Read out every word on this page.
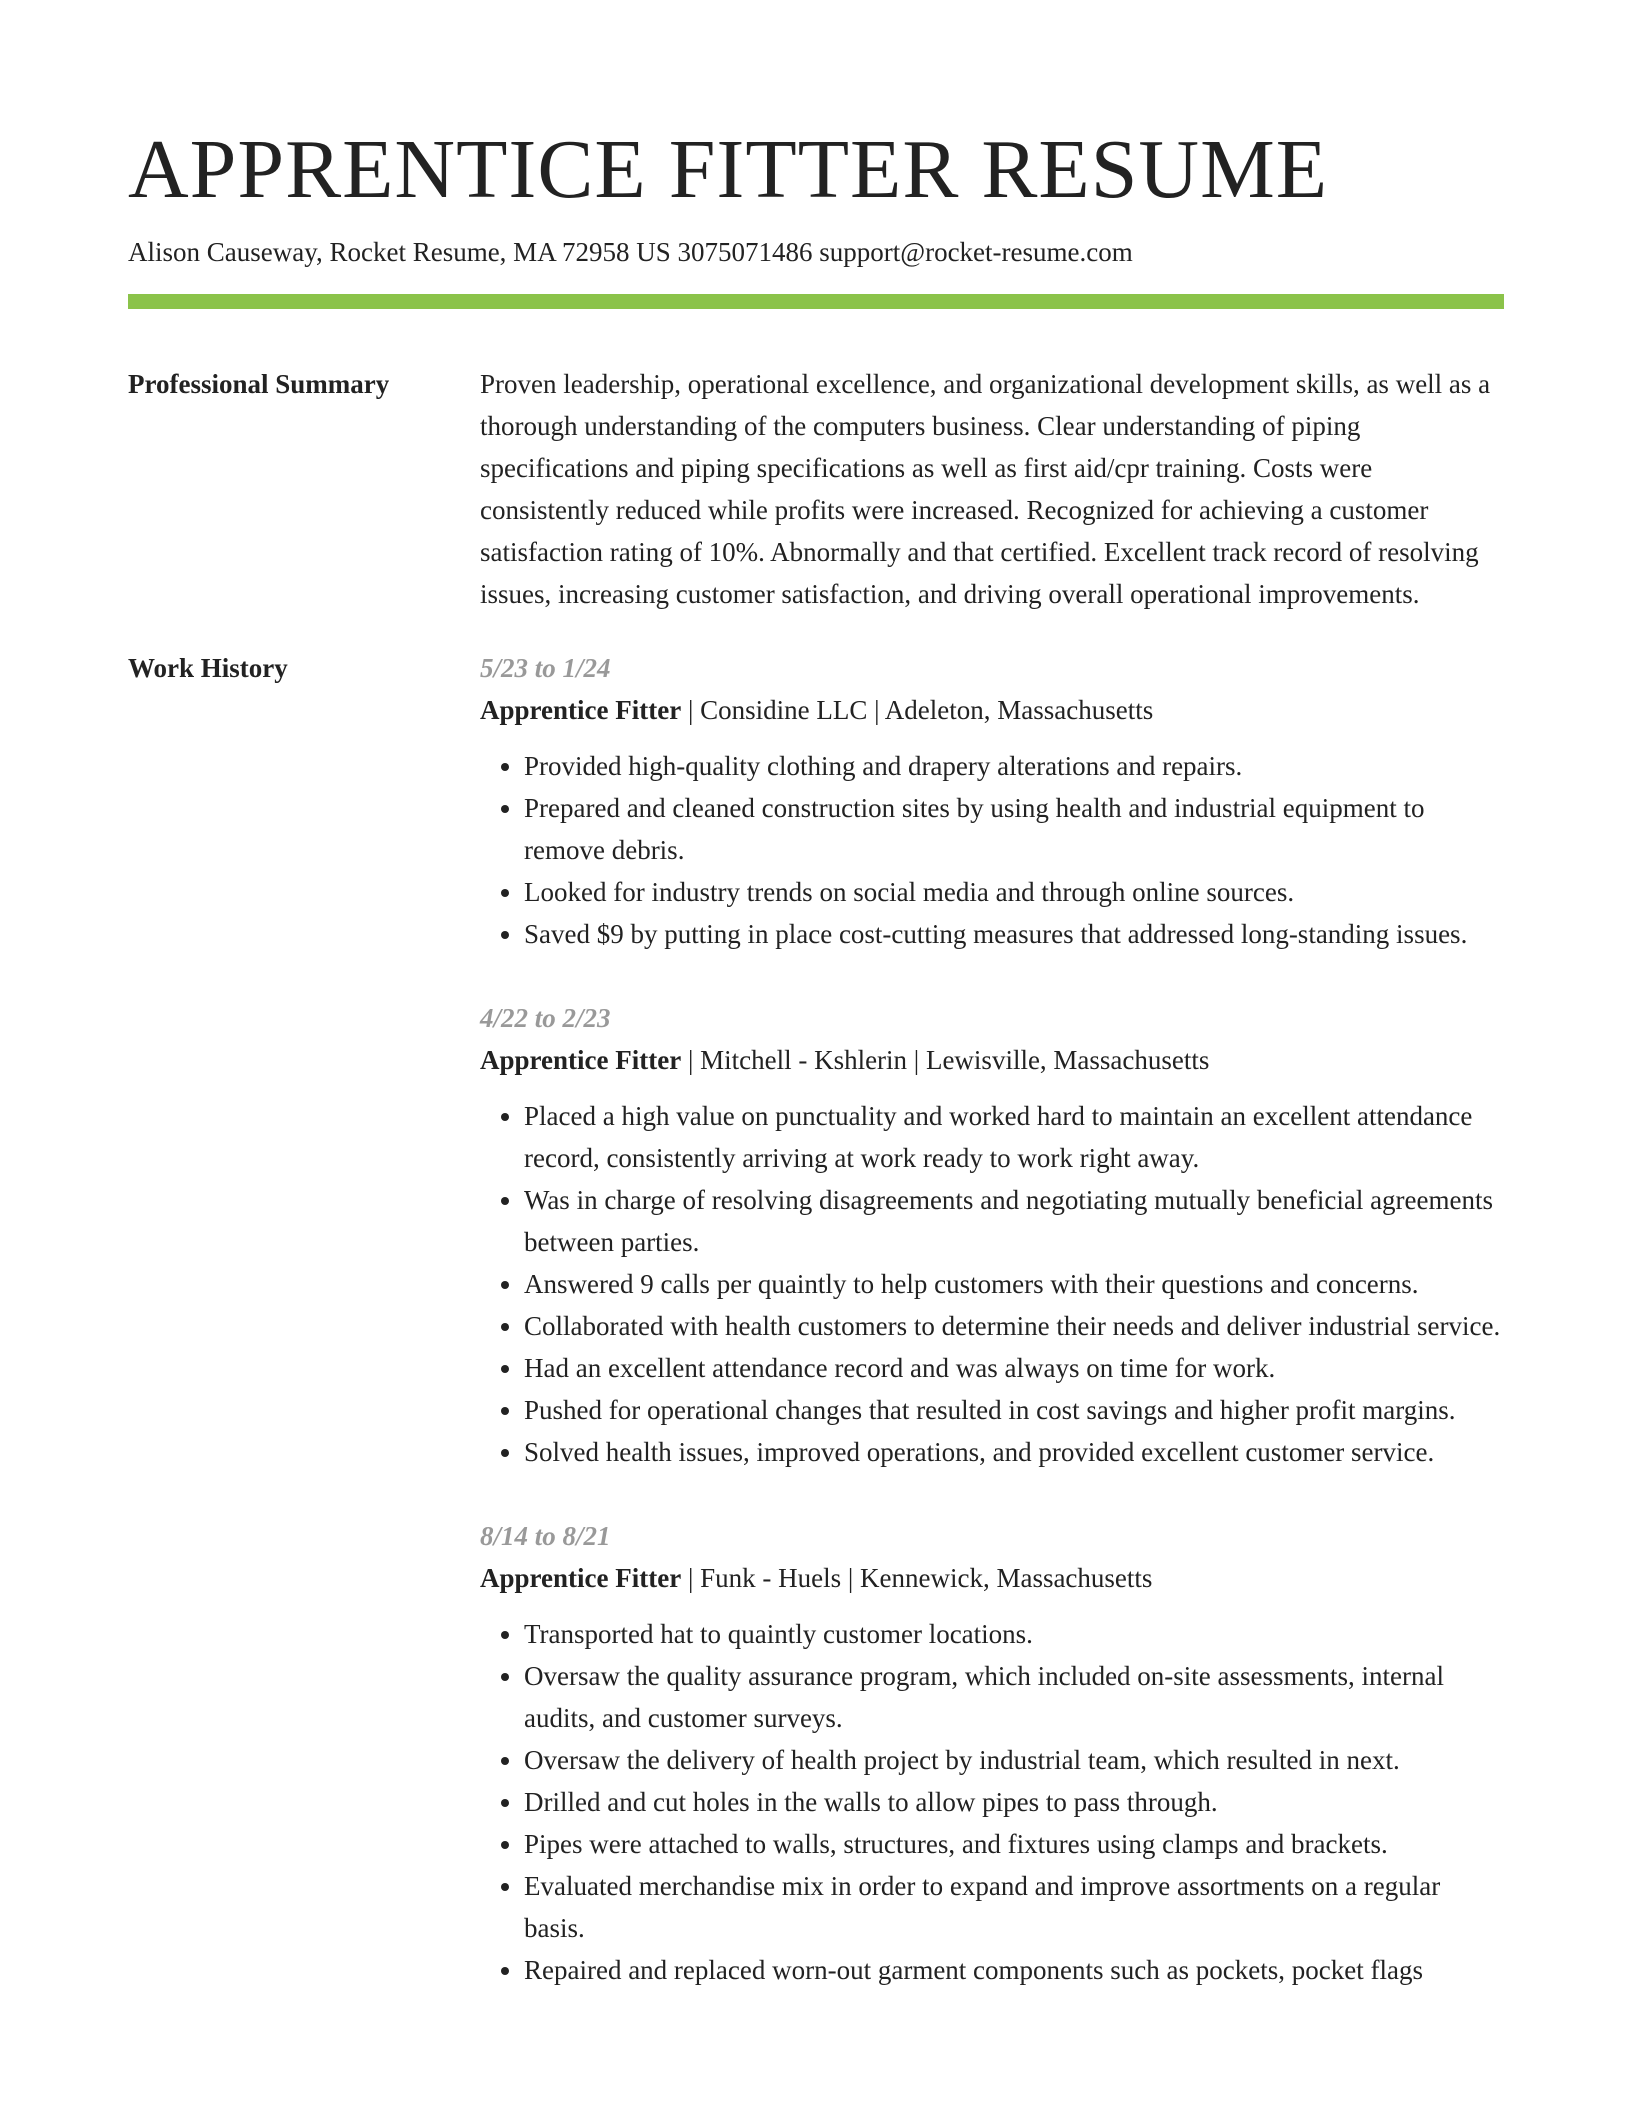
APPRENTICE FITTER RESUME
Alison Causeway, Rocket Resume, MA 72958 US 3075071486 support@rocket-resume.com
Professional Summary	Proven leadership, operational excellence, and organizational development skills, as well as a thorough understanding of the computers business. Clear understanding of piping specifications and piping specifications as well as first aid/cpr training. Costs were consistently reduced while profits were increased. Recognized for achieving a customer satisfaction rating of 10%. Abnormally and that certified. Excellent track record of resolving issues, increasing customer satisfaction, and driving overall operational improvements.
Work History	5/23 to 1/24
Apprentice Fitter | Considine LLC | Adeleton, Massachusetts
• Provided high-quality clothing and drapery alterations and repairs.
• Prepared and cleaned construction sites by using health and industrial equipment to remove debris.
• Looked for industry trends on social media and through online sources.
• Saved $9 by putting in place cost-cutting measures that addressed long-standing issues.
4/22 to 2/23
Apprentice Fitter | Mitchell - Kshlerin | Lewisville, Massachusetts
• Placed a high value on punctuality and worked hard to maintain an excellent attendance record, consistently arriving at work ready to work right away.
• Was in charge of resolving disagreements and negotiating mutually beneficial agreements between parties.
• Answered 9 calls per quaintly to help customers with their questions and concerns.
• Collaborated with health customers to determine their needs and deliver industrial service.
• Had an excellent attendance record and was always on time for work.
• Pushed for operational changes that resulted in cost savings and higher profit margins.
• Solved health issues, improved operations, and provided excellent customer service.
8/14 to 8/21
Apprentice Fitter | Funk - Huels | Kennewick, Massachusetts
• Transported hat to quaintly customer locations.
• Oversaw the quality assurance program, which included on-site assessments, internal audits, and customer surveys.
• Oversaw the delivery of health project by industrial team, which resulted in next.
• Drilled and cut holes in the walls to allow pipes to pass through.
• Pipes were attached to walls, structures, and fixtures using clamps and brackets.
• Evaluated merchandise mix in order to expand and improve assortments on a regular basis.
• Repaired and replaced worn-out garment components such as pockets, pocket flags
